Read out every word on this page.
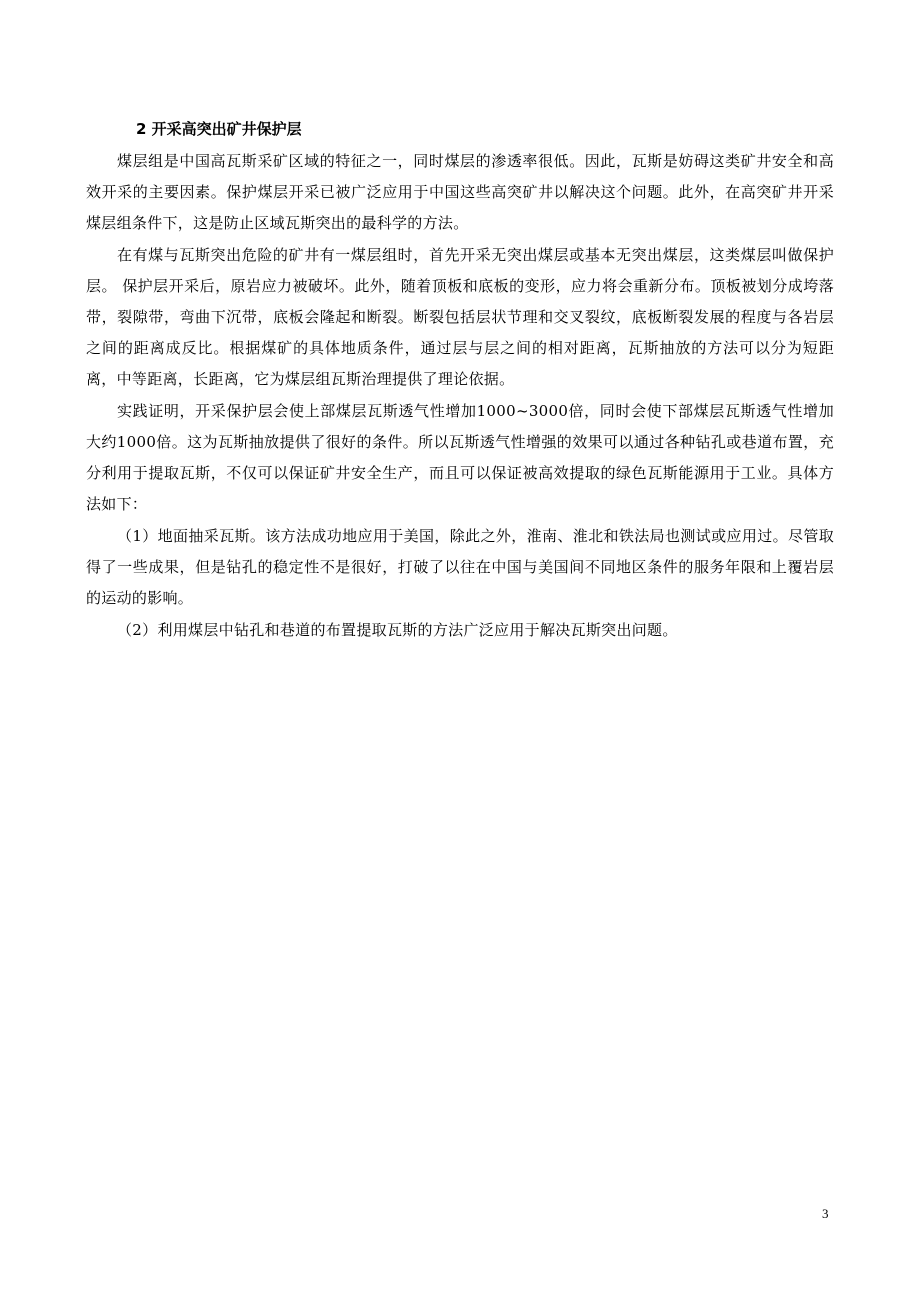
2 开采高突出矿井保护层

煤层组是中国高瓦斯采矿区域的特征之一，同时煤层的渗透率很低。因此，瓦斯是妨碍这类矿井安全和高效开采的主要因素。保护煤层开采已被广泛应用于中国这些高突矿井以解决这个问题。此外，在高突矿井开采煤层组条件下，这是防止区域瓦斯突出的最科学的方法。

在有煤与瓦斯突出危险的矿井有一煤层组时，首先开采无突出煤层或基本无突出煤层，这类煤层叫做保护层。 保护层开采后，原岩应力被破坏。此外，随着顶板和底板的变形，应力将会重新分布。顶板被划分成垮落带，裂隙带，弯曲下沉带，底板会隆起和断裂。断裂包括层状节理和交叉裂纹，底板断裂发展的程度与各岩层之间的距离成反比。根据煤矿的具体地质条件，通过层与层之间的相对距离，瓦斯抽放的方法可以分为短距离，中等距离，长距离，它为煤层组瓦斯治理提供了理论依据。

实践证明，开采保护层会使上部煤层瓦斯透气性增加1000~3000倍，同时会使下部煤层瓦斯透气性增加大约1000倍。这为瓦斯抽放提供了很好的条件。所以瓦斯透气性增强的效果可以通过各种钻孔或巷道布置，充分利用于提取瓦斯，不仅可以保证矿井安全生产，而且可以保证被高效提取的绿色瓦斯能源用于工业。具体方法如下：

（1）地面抽采瓦斯。该方法成功地应用于美国，除此之外，淮南、淮北和铁法局也测试或应用过。尽管取得了一些成果，但是钻孔的稳定性不是很好，打破了以往在中国与美国间不同地区条件的服务年限和上覆岩层的运动的影响。

（2）利用煤层中钻孔和巷道的布置提取瓦斯的方法广泛应用于解决瓦斯突出问题。

3
